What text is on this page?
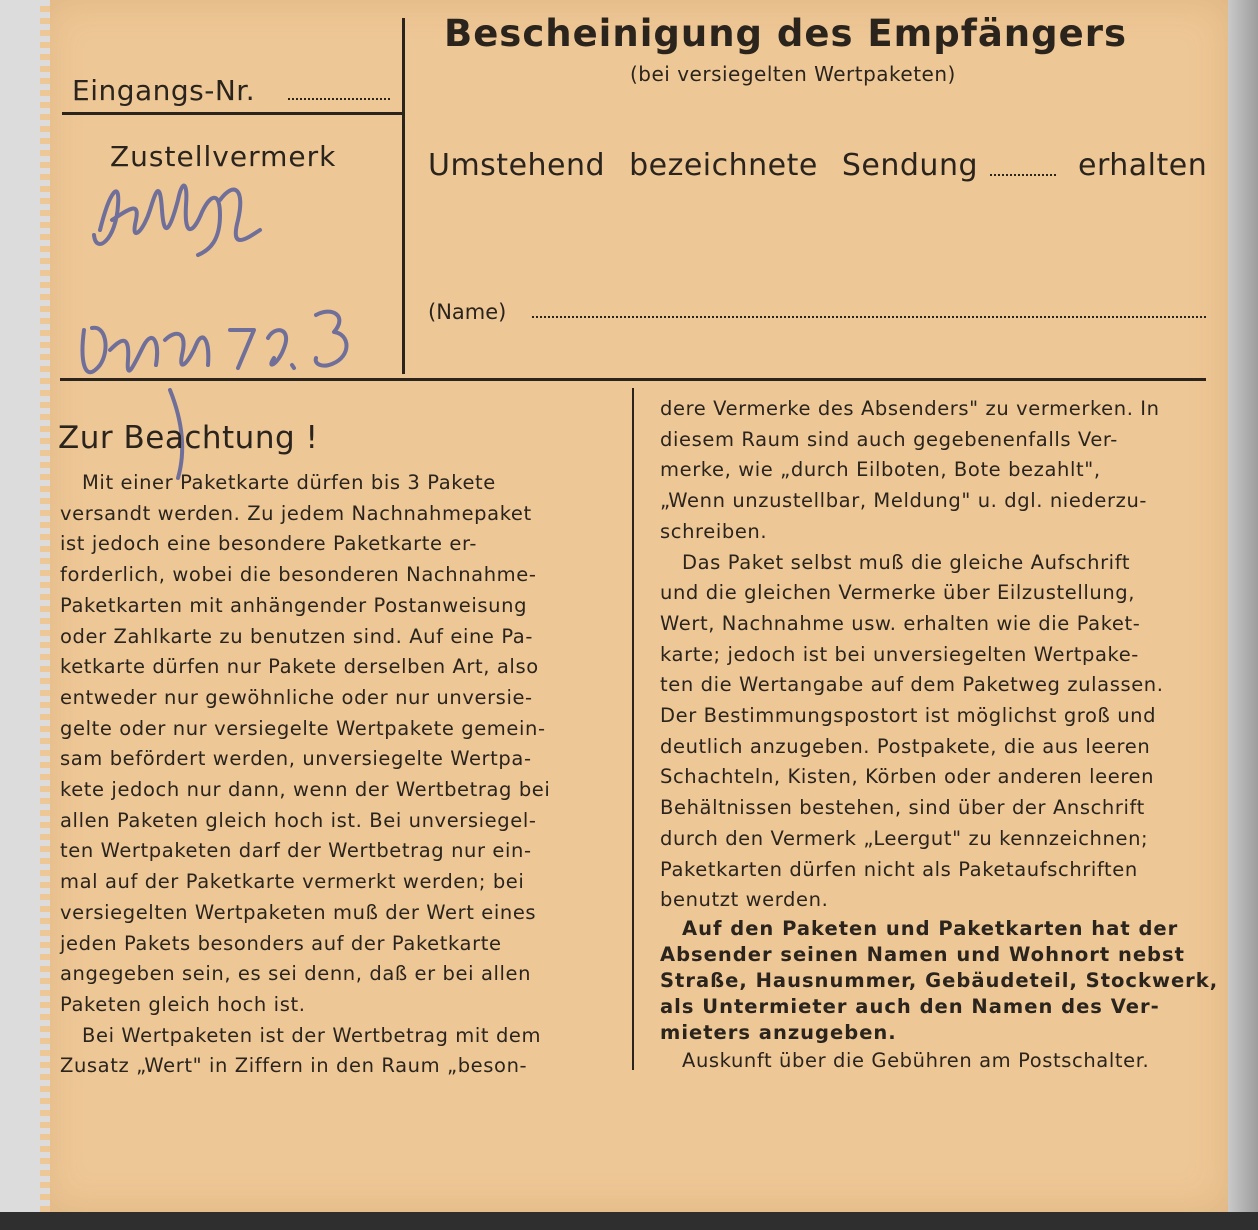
Bescheinigung des Empfängers
(bei versiegelten Wertpaketen)
Eingangs-Nr.
Zustellvermerk	Umstehend bezeichnete Sendung	erhalten
(Name)
Zur Beachtung !
Mit einer Paketkarte dürfen bis 3 Pakete
versandt werden. Zu jedem Nachnahmepaket
ist jedoch eine besondere Paketkarte er-
forderlich, wobei die besonderen Nachnahme-
Paketkarten mit anhängender Postanweisung
oder Zahlkarte zu benutzen sind. Auf eine Pa-
ketkarte dürfen nur Pakete derselben Art, also
entweder nur gewöhnliche oder nur unversie-
gelte oder nur versiegelte Wertpakete gemein-
sam befördert werden, unversiegelte Wertpa-
kete jedoch nur dann, wenn der Wertbetrag bei
allen Paketen gleich hoch ist. Bei unversiegel-
ten Wertpaketen darf der Wertbetrag nur ein-
mal auf der Paketkarte vermerkt werden; bei
versiegelten Wertpaketen muß der Wert eines
jeden Pakets besonders auf der Paketkarte
angegeben sein, es sei denn, daß er bei allen
Paketen gleich hoch ist.
Bei Wertpaketen ist der Wertbetrag mit dem
Zusatz „Wert" in Ziffern in den Raum „beson-
dere Vermerke des Absenders" zu vermerken. In
diesem Raum sind auch gegebenenfalls Ver-
merke, wie „durch Eilboten, Bote bezahlt",
„Wenn unzustellbar, Meldung" u. dgl. niederzu-
schreiben.
Das Paket selbst muß die gleiche Aufschrift
und die gleichen Vermerke über Eilzustellung,
Wert, Nachnahme usw. erhalten wie die Paket-
karte; jedoch ist bei unversiegelten Wertpake-
ten die Wertangabe auf dem Paketweg zulassen.
Der Bestimmungspostort ist möglichst groß und
deutlich anzugeben. Postpakete, die aus leeren
Schachteln, Kisten, Körben oder anderen leeren
Behältnissen bestehen, sind über der Anschrift
durch den Vermerk „Leergut" zu kennzeichnen;
Paketkarten dürfen nicht als Paketaufschriften
benutzt werden.
Auf den Paketen und Paketkarten hat der
Absender seinen Namen und Wohnort nebst
Straße, Hausnummer, Gebäudeteil, Stockwerk,
als Untermieter auch den Namen des Ver-
mieters anzugeben.
Auskunft über die Gebühren am Postschalter.
